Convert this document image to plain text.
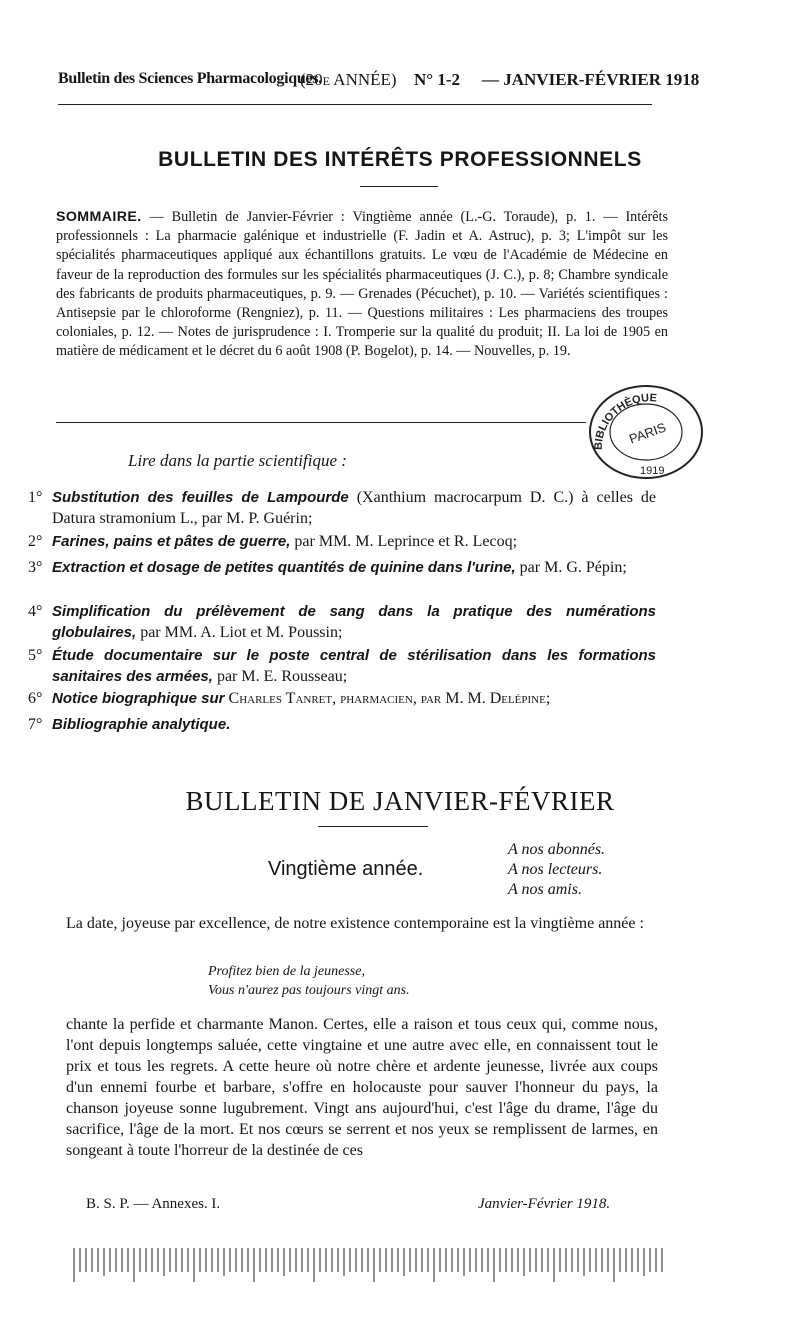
Bulletin des Sciences Pharmacologiques.
(20e ANNÉE) N° 1-2 — JANVIER-FÉVRIER 1918
BULLETIN DES INTÉRÊTS PROFESSIONNELS
SOMMAIRE. — Bulletin de Janvier-Février : Vingtième année (L.-G. Toraude), p. 1. — Intérêts professionnels : La pharmacie galénique et industrielle (F. Jadin et A. Astruc), p. 3; L'impôt sur les spécialités pharmaceutiques appliqué aux échantillons gratuits. Le vœu de l'Académie de Médecine en faveur de la reproduction des formules sur les spécialités pharmaceutiques (J. C.), p. 8; Chambre syndicale des fabricants de produits pharmaceutiques, p. 9. — Grenades (Pécuchet), p. 10. — Variétés scientifiques : Antisepsie par le chloroforme (Rengniez), p. 11. — Questions militaires : Les pharmaciens des troupes coloniales, p. 12. — Notes de jurisprudence : I. Tromperie sur la qualité du produit; II. La loi de 1905 en matière de médicament et le décret du 6 août 1908 (P. Bogelot), p. 14. — Nouvelles, p. 19.
BIBLIOTHÈQUE
PARIS
1919
Lire dans la partie scientifique :
1° Substitution des feuilles de Lampourde (Xanthium macrocarpum D. C.) à celles de Datura stramonium L., par M. P. Guérin;
2° Farines, pains et pâtes de guerre, par MM. M. Leprince et R. Lecoq;
3° Extraction et dosage de petites quantités de quinine dans l'urine, par M. G. Pépin;
4° Simplification du prélèvement de sang dans la pratique des numérations globulaires, par MM. A. Liot et M. Poussin;
5° Étude documentaire sur le poste central de stérilisation dans les formations sanitaires des armées, par M. E. Rousseau;
6° Notice biographique sur Charles Tanret, pharmacien, par M. M. Delépine;
7° Bibliographie analytique.
BULLETIN DE JANVIER-FÉVRIER
Vingtième année.
A nos abonnés.
A nos lecteurs.
A nos amis.
La date, joyeuse par excellence, de notre existence contemporaine est la vingtième année :
Profitez bien de la jeunesse,
Vous n'aurez pas toujours vingt ans.
chante la perfide et charmante Manon. Certes, elle a raison et tous ceux qui, comme nous, l'ont depuis longtemps saluée, cette vingtaine et une autre avec elle, en connaissent tout le prix et tous les regrets. A cette heure où notre chère et ardente jeunesse, livrée aux coups d'un ennemi fourbe et barbare, s'offre en holocauste pour sauver l'honneur du pays, la chanson joyeuse sonne lugubrement. Vingt ans aujourd'hui, c'est l'âge du drame, l'âge du sacrifice, l'âge de la mort. Et nos cœurs se serrent et nos yeux se remplissent de larmes, en songeant à toute l'horreur de la destinée de ces
B. S. P. — Annexes. I.	Janvier-Février 1918.
